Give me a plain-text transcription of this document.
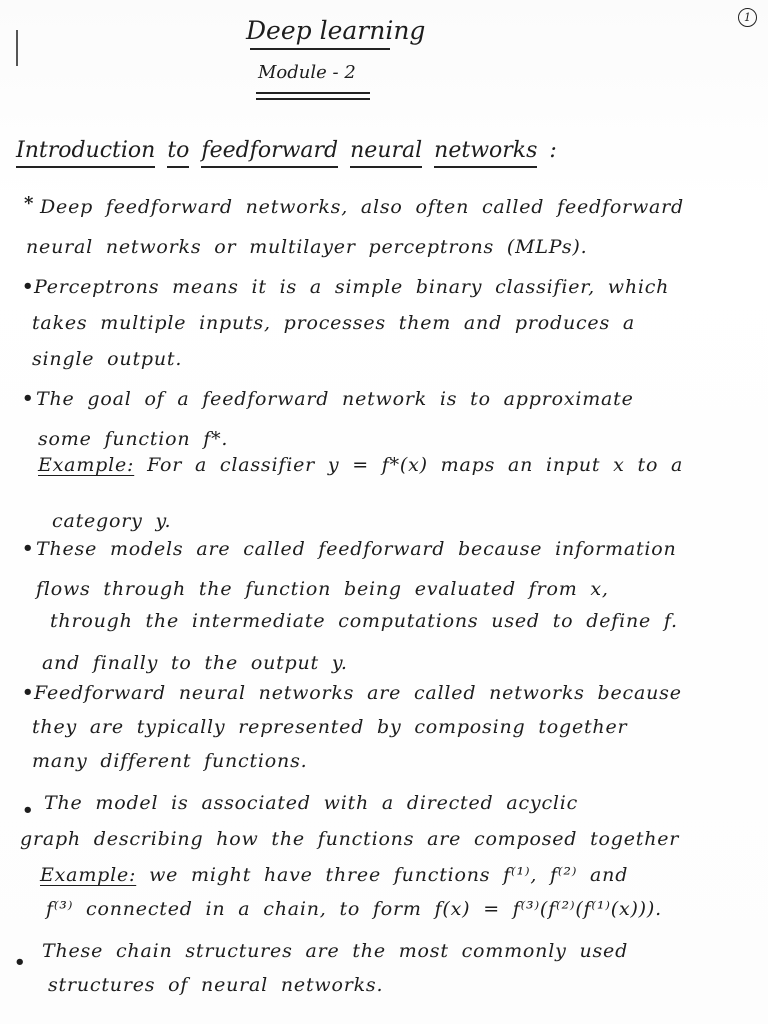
1
Deep learning
Module - 2
Introduction to feedforward neural networks :
* Deep feedforward networks, also often called feedforward
neural networks or multilayer perceptrons (MLPs).
• Perceptrons means it is a simple binary classifier, which
takes multiple inputs, processes them and produces a
single output.
• The goal of a feedforward network is to approximate
some function f*.
Example: For a classifier y = f*(x) maps an input x to a
category y.
• These models are called feedforward because information
flows through the function being evaluated from x,
through the intermediate computations used to define f.
and finally to the output y.
• Feedforward neural networks are called networks because
they are typically represented by composing together
many different functions.
• The model is associated with a directed acyclic
graph describing how the functions are composed together
Example: we might have three functions f⁽¹⁾, f⁽²⁾ and
f⁽³⁾ connected in a chain, to form f(x) = f⁽³⁾(f⁽²⁾(f⁽¹⁾(x))).
•
These chain structures are the most commonly used
structures of neural networks.
